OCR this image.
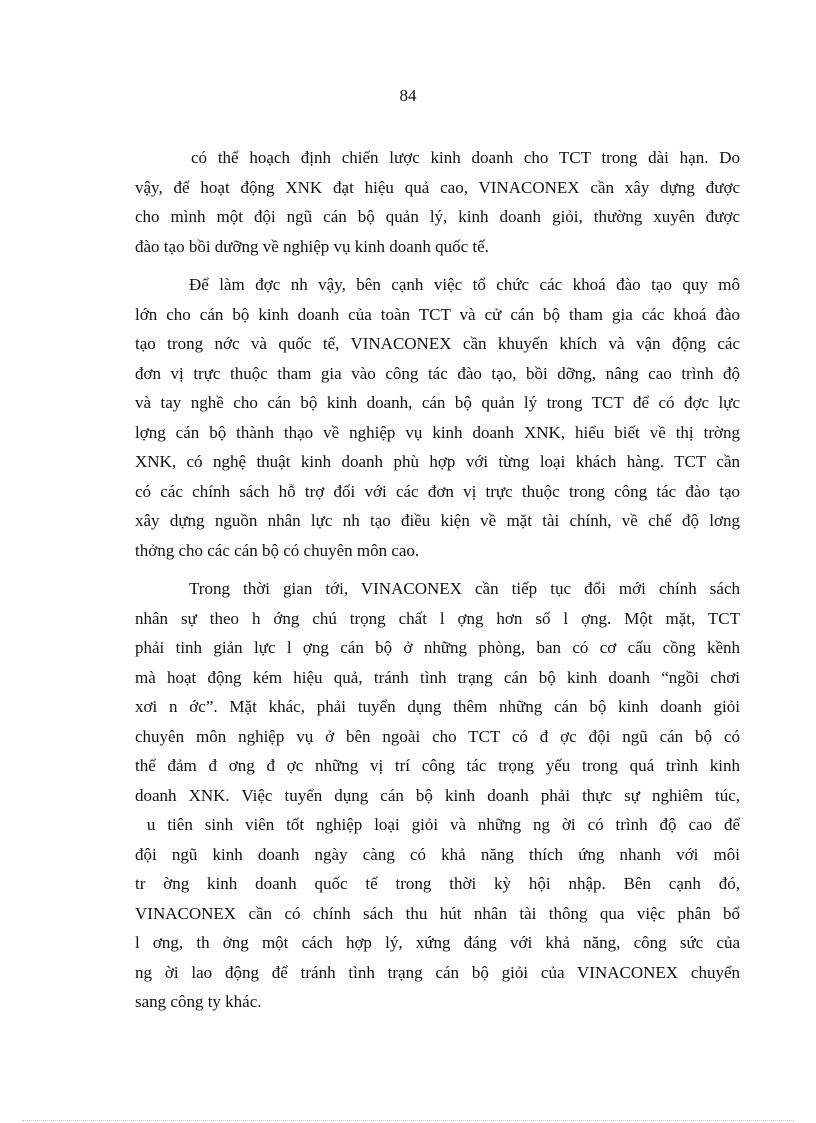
84
có thể hoạch định chiến lược kinh doanh cho TCT trong dài hạn. Do
vậy, để hoạt động XNK đạt hiệu quả cao, VINACONEX cần xây dựng được
cho mình một đội ngũ cán bộ quản lý, kinh doanh giỏi, thường xuyên được
đào tạo bồi dưỡng về nghiệp vụ kinh doanh quốc tế.
Để làm đợc nh vậy, bên cạnh việc tổ chức các khoá đào tạo quy mô
lớn cho cán bộ kinh doanh của toàn TCT và cử cán bộ tham gia các khoá đào
tạo trong nớc và quốc tế, VINACONEX cần khuyến khích và vận động các
đơn vị trực thuộc tham gia vào công tác đào tạo, bồi dỡng, nâng cao trình độ
và tay nghề cho cán bộ kinh doanh, cán bộ quản lý trong TCT để có đợc lực
lợng cán bộ thành thạo về nghiệp vụ kinh doanh XNK, hiểu biết về thị trờng
XNK, có nghệ thuật kinh doanh phù hợp với từng loại khách hàng. TCT cần
có các chính sách hỗ trợ đối với các đơn vị trực thuộc trong công tác đào tạo
xây dựng nguồn nhân lực nh tạo điều kiện về mặt tài chính, về chế độ lơng
thởng cho các cán bộ có chuyên môn cao.
Trong thời gian tới, VINACONEX cần tiếp tục đổi mới chính sách
nhân sự theo h ớng chú trọng chất l ợng hơn số l ợng. Một mặt, TCT
phải tinh giản lực l ợng cán bộ ở những phòng, ban có cơ cấu cồng kềnh
mà hoạt động kém hiệu quả, tránh tình trạng cán bộ kinh doanh “ngồi chơi
xơi n ớc”. Mặt khác, phải tuyển dụng thêm những cán bộ kinh doanh giỏi
chuyên môn nghiệp vụ ở bên ngoài cho TCT có đ ợc đội ngũ cán bộ có
thể đảm đ ơng đ ợc những vị trí công tác trọng yếu trong quá trình kinh
doanh XNK. Việc tuyển dụng cán bộ kinh doanh phải thực sự nghiêm túc,
u tiên sinh viên tốt nghiệp loại giỏi và những ng ời có trình độ cao để
đội ngũ kinh doanh ngày càng có khả năng thích ứng nhanh với môi
tr ờng kinh doanh quốc tế trong thời kỳ hội nhập. Bên cạnh đó,
VINACONEX cần có chính sách thu hút nhân tài thông qua việc phân bổ
l ơng, th ởng một cách hợp lý, xứng đáng với khả năng, công sức của
ng ời lao động để tránh tình trạng cán bộ giỏi của VINACONEX chuyển
sang công ty khác.
